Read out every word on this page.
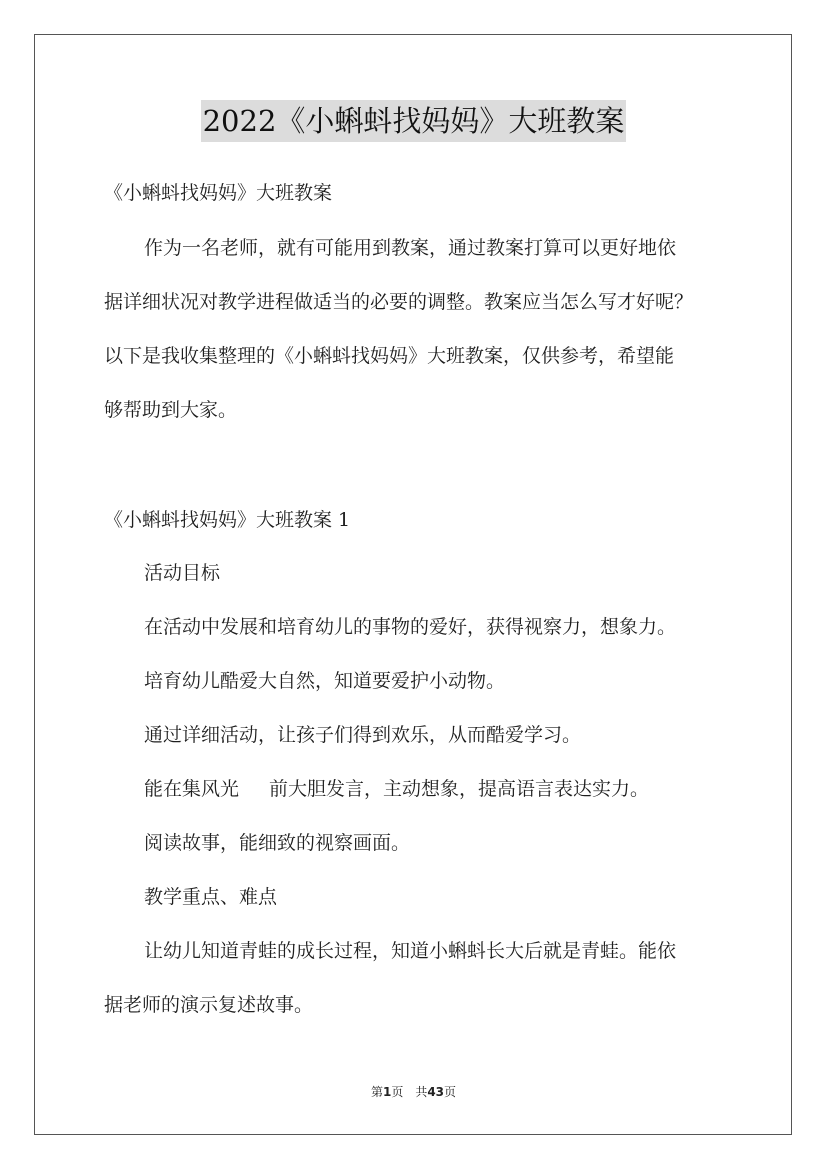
2022《小蝌蚪找妈妈》大班教案
《小蝌蚪找妈妈》大班教案
作为一名老师，就有可能用到教案，通过教案打算可以更好地依
据详细状况对教学进程做适当的必要的调整。教案应当怎么写才好呢？
以下是我收集整理的《小蝌蚪找妈妈》大班教案，仅供参考，希望能
够帮助到大家。
《小蝌蚪找妈妈》大班教案 1
活动目标
在活动中发展和培育幼儿的事物的爱好，获得视察力，想象力。
培育幼儿酷爱大自然，知道要爱护小动物。
通过详细活动，让孩子们得到欢乐，从而酷爱学习。
能在集风光 前大胆发言，主动想象，提高语言表达实力。
阅读故事，能细致的视察画面。
教学重点、难点
让幼儿知道青蛙的成长过程，知道小蝌蚪长大后就是青蛙。能依
据老师的演示复述故事。
第1页　共43页
